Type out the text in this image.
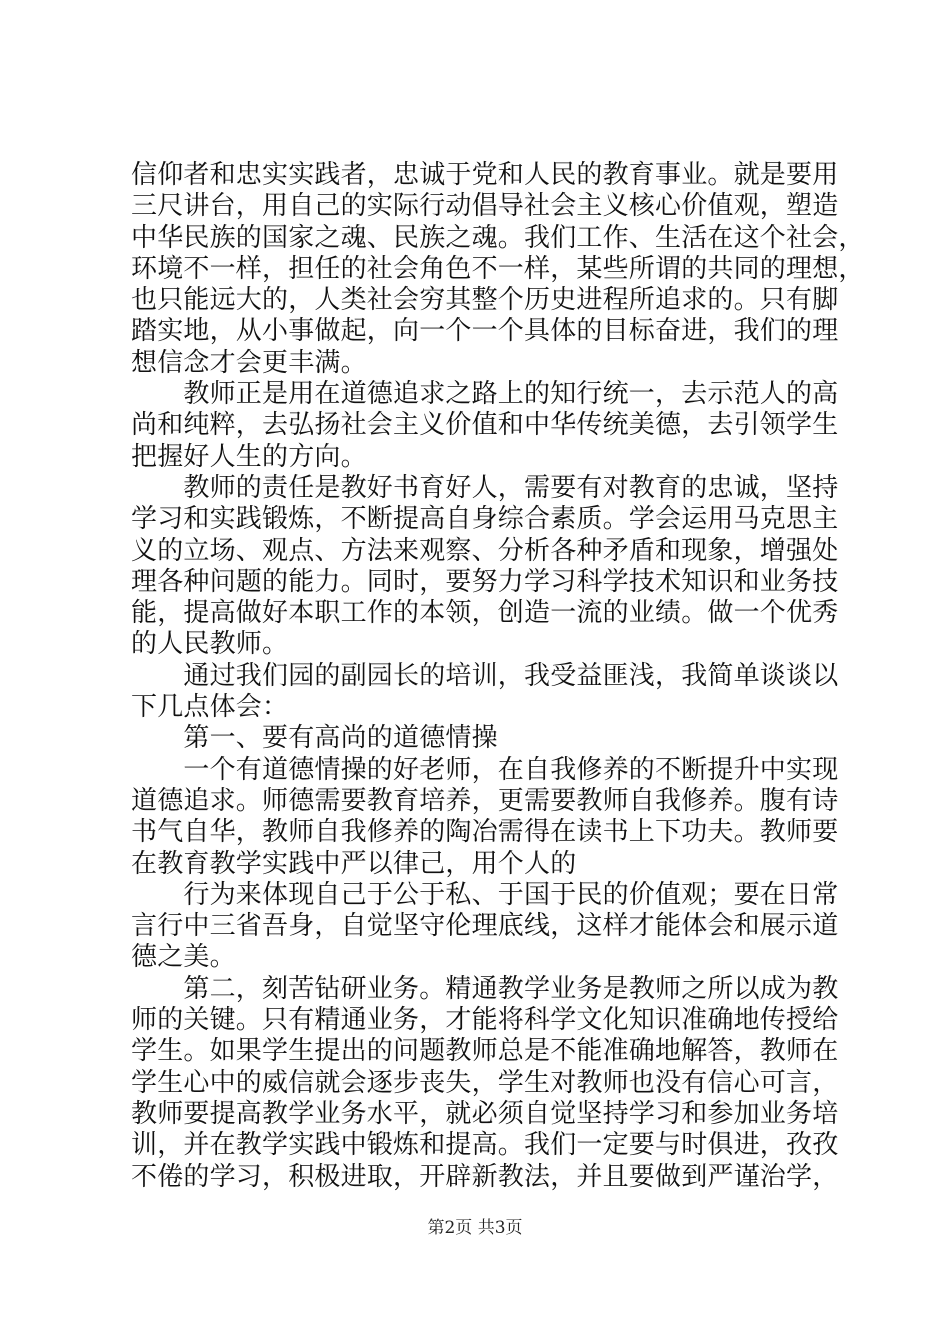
信仰者和忠实实践者，忠诚于党和人民的教育事业。就是要用
三尺讲台，用自己的实际行动倡导社会主义核心价值观，塑造
中华民族的国家之魂、民族之魂。我们工作、生活在这个社会，
环境不一样，担任的社会角色不一样，某些所谓的共同的理想，
也只能远大的，人类社会穷其整个历史进程所追求的。只有脚
踏实地，从小事做起，向一个一个具体的目标奋进，我们的理
想信念才会更丰满。
　　教师正是用在道德追求之路上的知行统一，去示范人的高
尚和纯粹，去弘扬社会主义价值和中华传统美德，去引领学生
把握好人生的方向。
　　教师的责任是教好书育好人，需要有对教育的忠诚，坚持
学习和实践锻炼，不断提高自身综合素质。学会运用马克思主
义的立场、观点、方法来观察、分析各种矛盾和现象，增强处
理各种问题的能力。同时，要努力学习科学技术知识和业务技
能，提高做好本职工作的本领，创造一流的业绩。做一个优秀
的人民教师。
　　通过我们园的副园长的培训，我受益匪浅，我简单谈谈以
下几点体会：
　　第一、要有高尚的道德情操
　　一个有道德情操的好老师，在自我修养的不断提升中实现
道德追求。师德需要教育培养，更需要教师自我修养。腹有诗
书气自华，教师自我修养的陶冶需得在读书上下功夫。教师要
在教育教学实践中严以律己，用个人的
　　行为来体现自己于公于私、于国于民的价值观；要在日常
言行中三省吾身，自觉坚守伦理底线，这样才能体会和展示道
德之美。
　　第二，刻苦钻研业务。精通教学业务是教师之所以成为教
师的关键。只有精通业务，才能将科学文化知识准确地传授给
学生。如果学生提出的问题教师总是不能准确地解答，教师在
学生心中的威信就会逐步丧失，学生对教师也没有信心可言，
教师要提高教学业务水平，就必须自觉坚持学习和参加业务培
训，并在教学实践中锻炼和提高。我们一定要与时俱进，孜孜
不倦的学习，积极进取，开辟新教法，并且要做到严谨治学，
第2页 共3页
